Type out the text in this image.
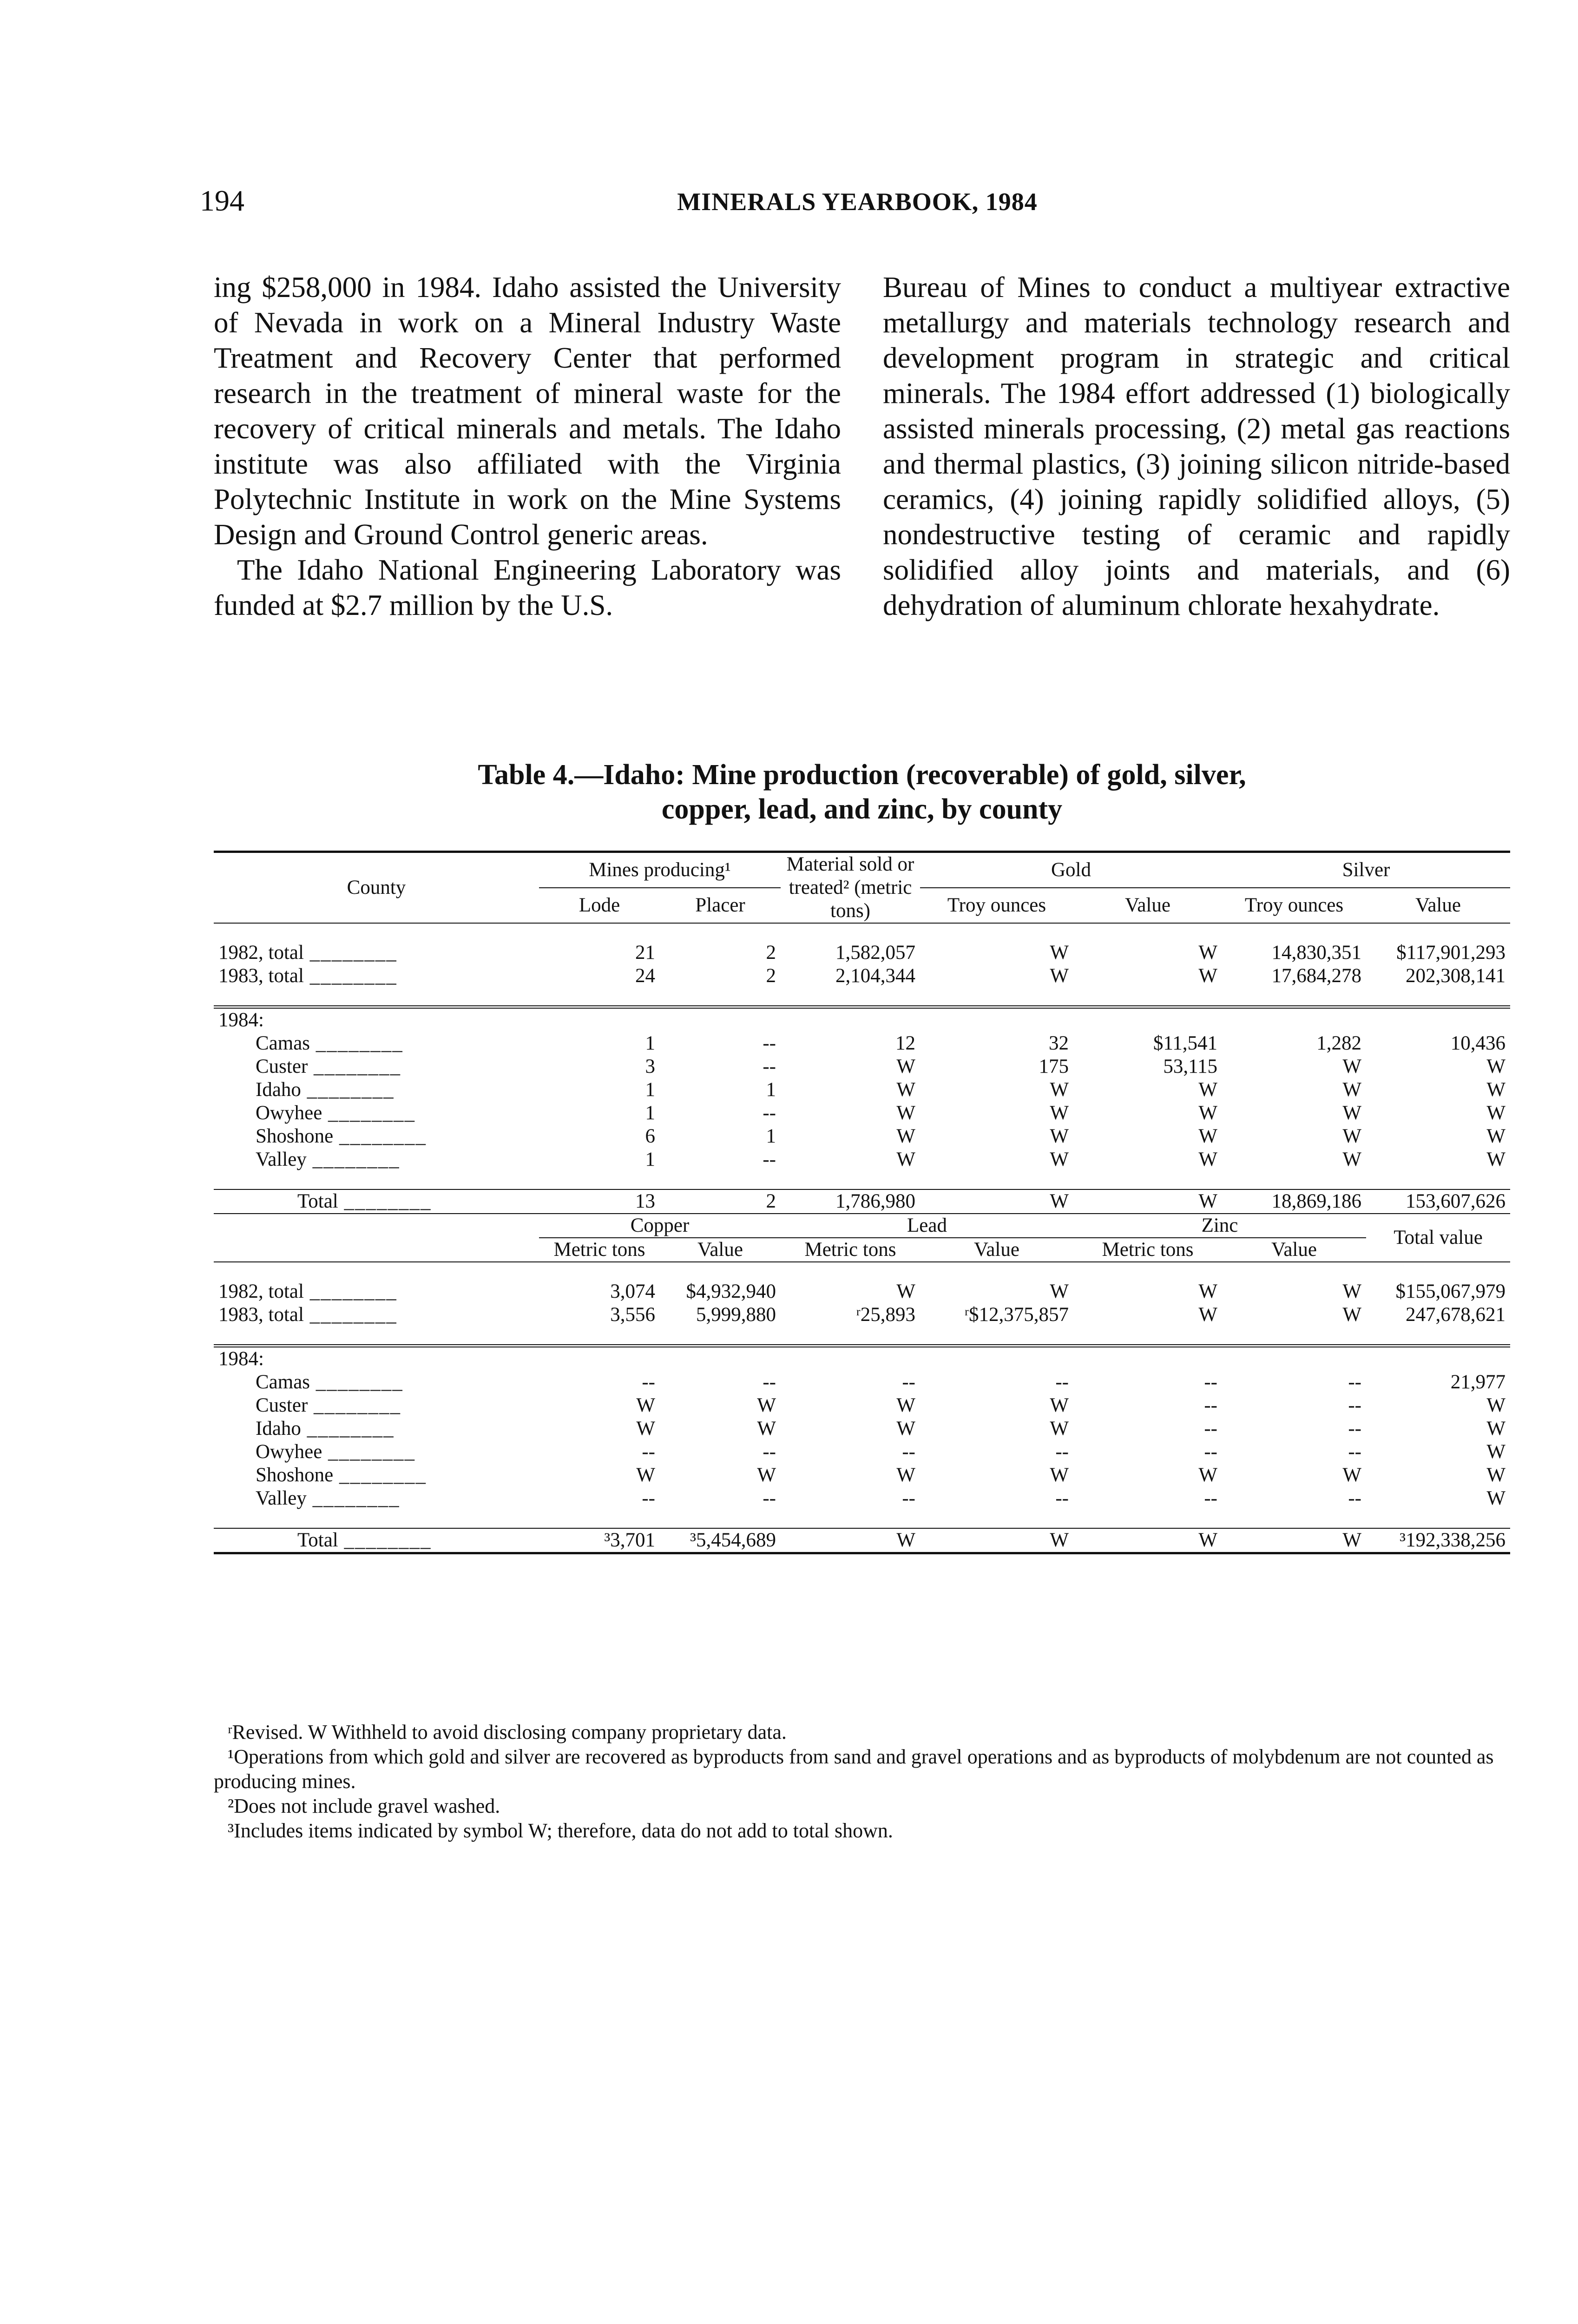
194	MINERALS YEARBOOK, 1984

ing $258,000 in 1984. Idaho assisted the University of Nevada in work on a Mineral Industry Waste Treatment and Recovery Center that performed research in the treatment of mineral waste for the recovery of critical minerals and metals. The Idaho institute was also affiliated with the Virginia Polytechnic Institute in work on the Mine Systems Design and Ground Control generic areas.

The Idaho National Engineering Laboratory was funded at $2.7 million by the U.S.

Bureau of Mines to conduct a multiyear extractive metallurgy and materials technology research and development program in strategic and critical minerals. The 1984 effort addressed (1) biologically assisted minerals processing, (2) metal gas reactions and thermal plastics, (3) joining silicon nitride-based ceramics, (4) joining rapidly solidified alloys, (5) nondestructive testing of ceramic and rapidly solidified alloy joints and materials, and (6) dehydration of aluminum chlorate hexahydrate.

Table 4.—Idaho: Mine production (recoverable) of gold, silver,
copper, lead, and zinc, by county
County	Mines producing¹		Material sold or treated² (metric tons)	Gold		Silver	
	Lode	Placer		Troy ounces	Value	Troy ounces	Value

1982, total _____	21	2	1,582,057	W	W	14,830,351	$117,901,293
1983, total _____	24	2	2,104,344	W	W	17,684,278	202,308,141

1984:							
Camas _____	1	--	12	32	$11,541	1,282	10,436
Custer _____	3	--	W	175	53,115	W	W
Idaho _____	1	1	W	W	W	W	W
Owyhee _____	1	--	W	W	W	W	W
Shoshone _____	6	1	W	W	W	W	W
Valley _____	1	--	W	W	W	W	W

Total _____	13	2	1,786,980	W	W	18,869,186	153,607,626
	Copper		Lead		Zinc		Total value
	Metric tons	Value	Metric tons	Value	Metric tons	Value	

1982, total _____	3,074	$4,932,940	W	W	W	W	$155,067,979
1983, total _____	3,556	5,999,880	ʳ25,893	ʳ$12,375,857	W	W	247,678,621

1984:							
Camas _____	--	--	--	--	--	--	21,977
Custer _____	W	W	W	W	--	--	W
Idaho _____	W	W	W	W	--	--	W
Owyhee _____	--	--	--	--	--	--	W
Shoshone _____	W	W	W	W	W	W	W
Valley _____	--	--	--	--	--	--	W

Total _____	³3,701	³5,454,689	W	W	W	W	³192,338,256

ʳRevised. W Withheld to avoid disclosing company proprietary data.

¹Operations from which gold and silver are recovered as byproducts from sand and gravel operations and as byproducts of molybdenum are not counted as producing mines.

²Does not include gravel washed.

³Includes items indicated by symbol W; therefore, data do not add to total shown.
